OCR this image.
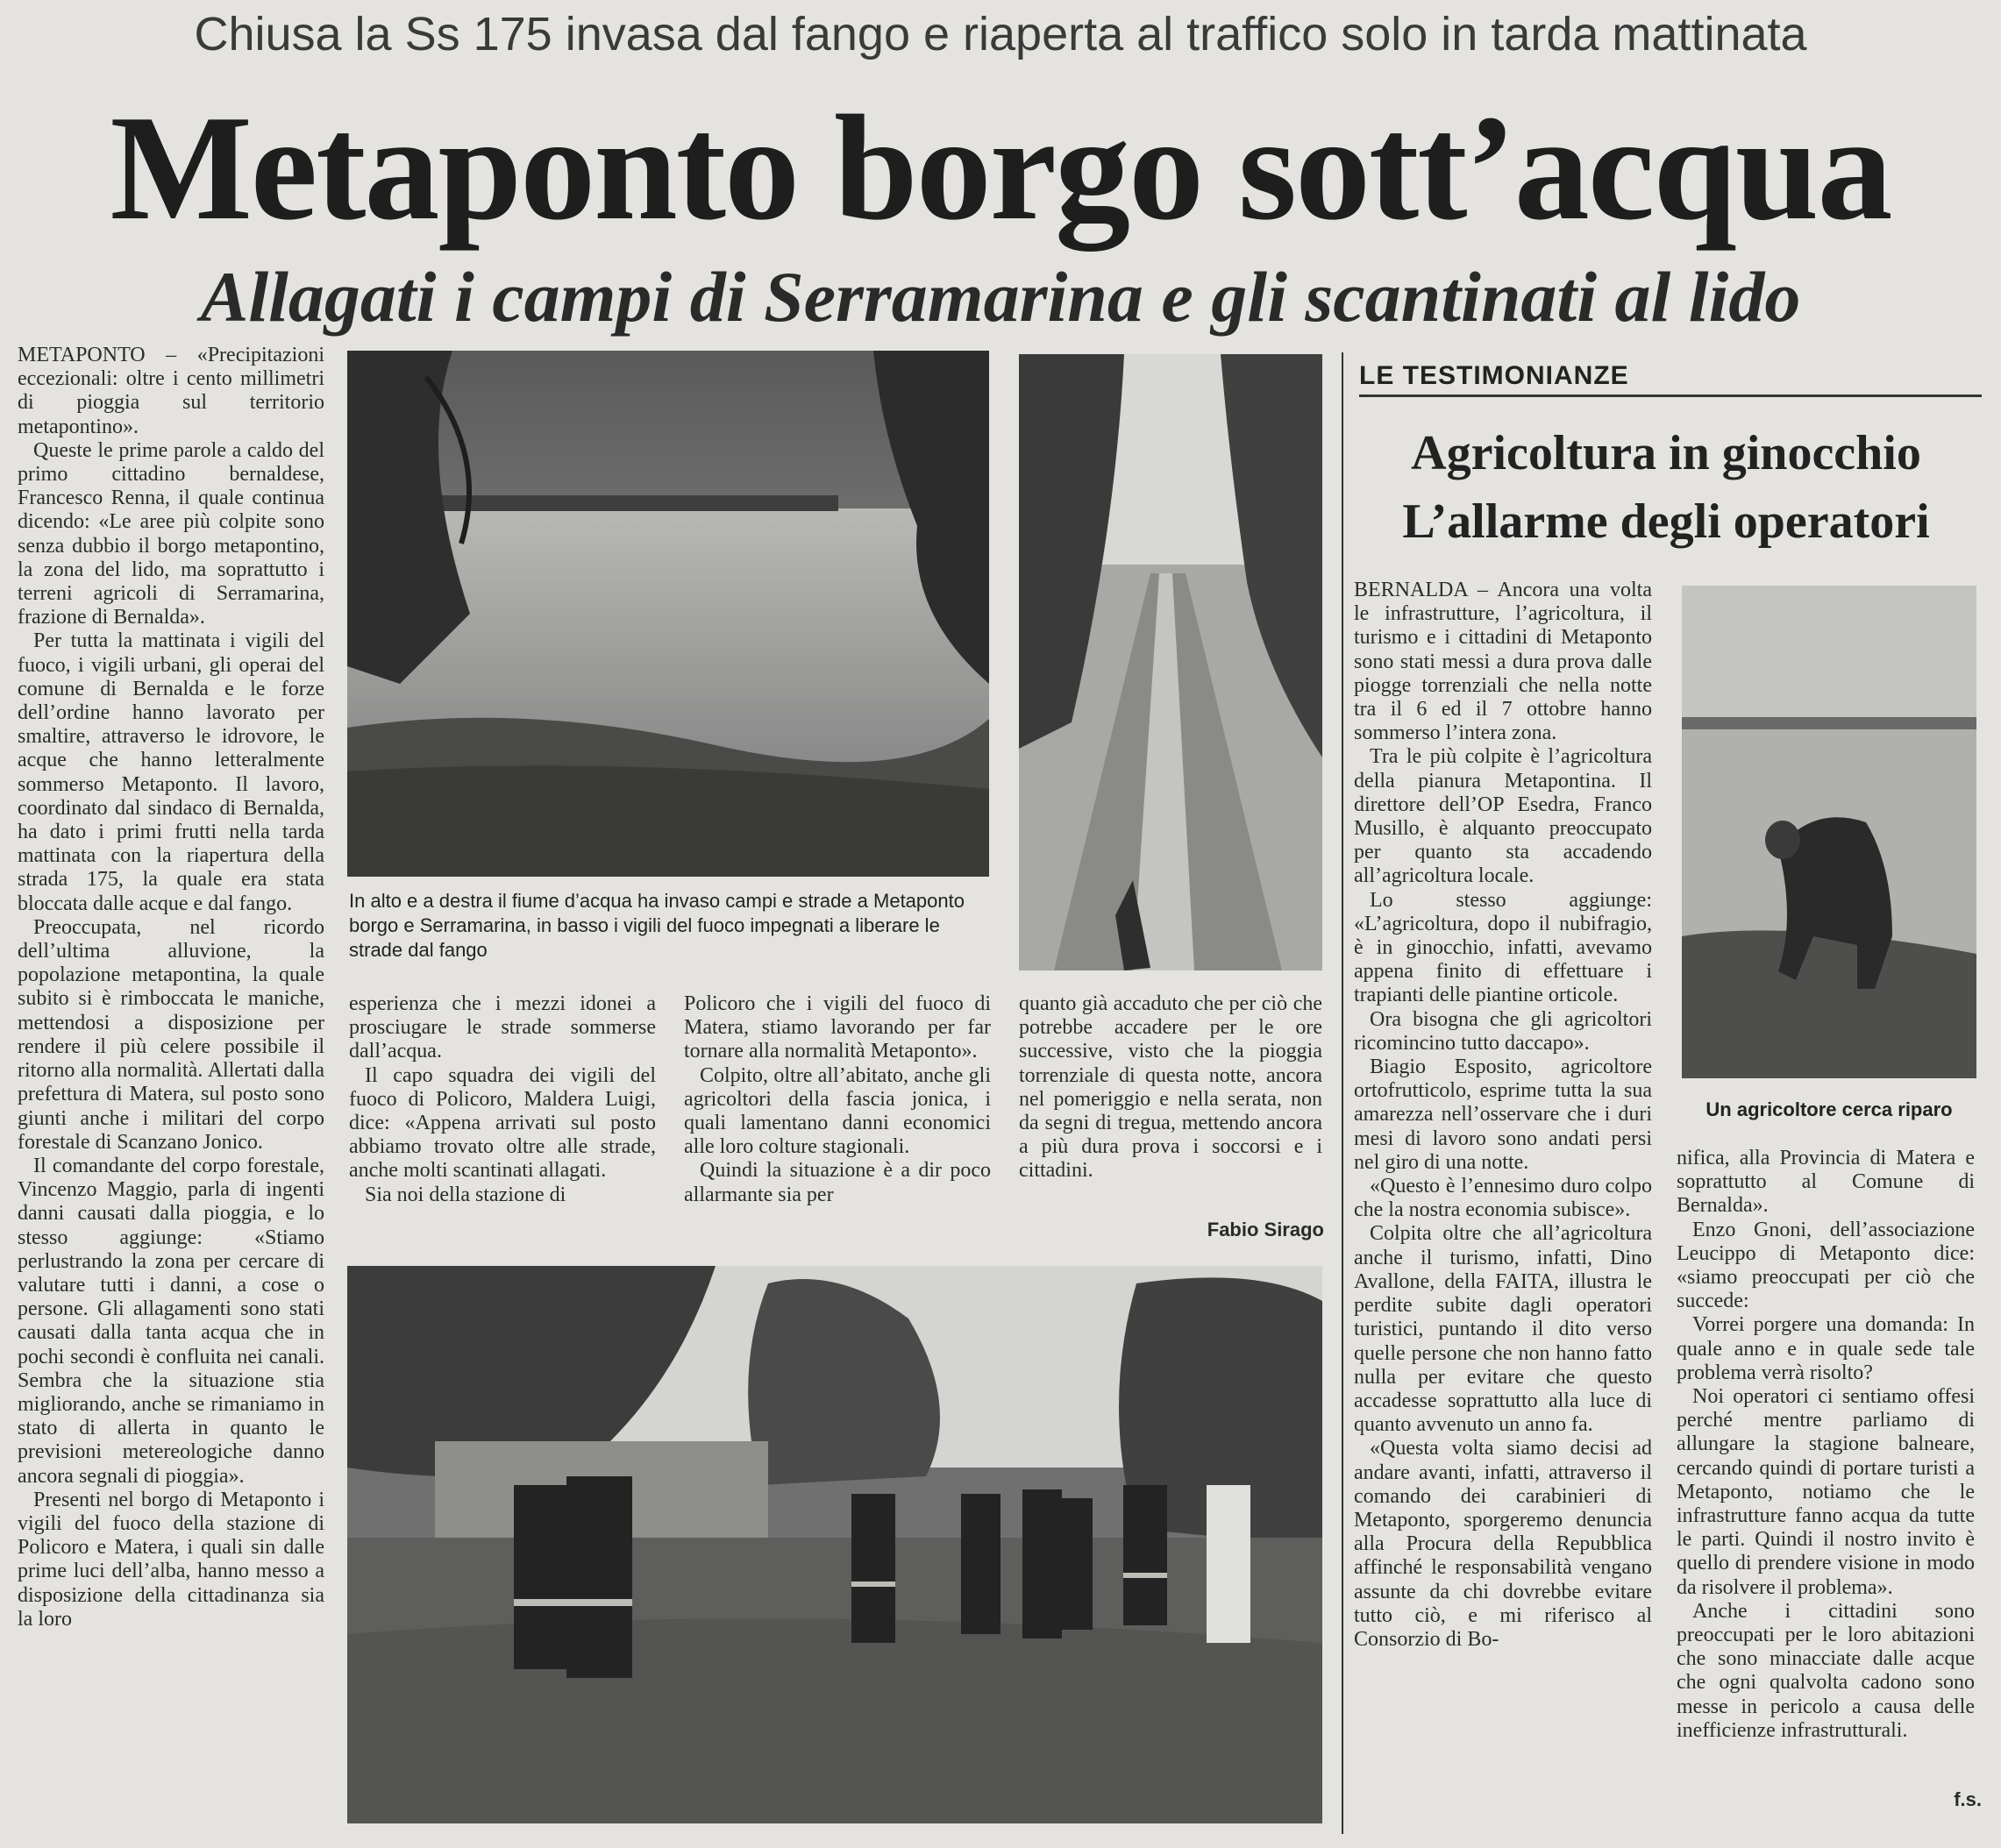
Chiusa la Ss 175 invasa dal fango e riaperta al traffico solo in tarda mattinata
Metaponto borgo sott’acqua
Allagati i campi di Serramarina e gli scantinati al lido

METAPONTO – «Precipitazioni eccezionali: oltre i cento millimetri di pioggia sul territorio metapontino».

Queste le prime parole a caldo del primo cittadino bernaldese, Francesco Renna, il quale continua dicendo: «Le aree più colpite sono senza dubbio il borgo metapontino, la zona del lido, ma soprattutto i terreni agricoli di Serramarina, frazione di Bernalda».

Per tutta la mattinata i vigili del fuoco, i vigili urbani, gli operai del comune di Bernalda e le forze dell’ordine hanno lavorato per smaltire, attraverso le idrovore, le acque che hanno letteralmente sommerso Metaponto. Il lavoro, coordinato dal sindaco di Bernalda, ha dato i primi frutti nella tarda mattinata con la riapertura della strada 175, la quale era stata bloccata dalle acque e dal fango.

Preoccupata, nel ricordo dell’ultima alluvione, la popolazione metapontina, la quale subito si è rimboccata le maniche, mettendosi a disposizione per rendere il più celere possibile il ritorno alla normalità. Allertati dalla prefettura di Matera, sul posto sono giunti anche i militari del corpo forestale di Scanzano Jonico.

Il comandante del corpo forestale, Vincenzo Maggio, parla di ingenti danni causati dalla pioggia, e lo stesso aggiunge: «Stiamo perlustrando la zona per cercare di valutare tutti i danni, a cose o persone. Gli allagamenti sono stati causati dalla tanta acqua che in pochi secondi è confluita nei canali. Sembra che la situazione stia migliorando, anche se rimaniamo in stato di allerta in quanto le previsioni metereologiche danno ancora segnali di pioggia».

Presenti nel borgo di Metaponto i vigili del fuoco della stazione di Policoro e Matera, i quali sin dalle prime luci dell’alba, hanno messo a disposizione della cittadinanza sia la loro

In alto e a destra il fiume d’acqua ha invaso campi e strade a Metaponto borgo e Serramarina, in basso i vigili del fuoco impegnati a liberare le strade dal fango

esperienza che i mezzi idonei a prosciugare le strade sommerse dall’acqua.

Il capo squadra dei vigili del fuoco di Policoro, Maldera Luigi, dice: «Appena arrivati sul posto abbiamo trovato oltre alle strade, anche molti scantinati allagati.

Sia noi della stazione di

Policoro che i vigili del fuoco di Matera, stiamo lavorando per far tornare alla normalità Metaponto».

Colpito, oltre all’abitato, anche gli agricoltori della fascia jonica, i quali lamentano danni economici alle loro colture stagionali.

Quindi la situazione è a dir poco allarmante sia per

quanto già accaduto che per ciò che potrebbe accadere per le ore successive, visto che la pioggia torrenziale di questa notte, ancora nel pomeriggio e nella serata, non da segni di tregua, mettendo ancora a più dura prova i soccorsi e i cittadini.

Fabio Sirago
LE TESTIMONIANZE
Agricoltura in ginocchio
L’allarme degli operatori

BERNALDA – Ancora una volta le infrastrutture, l’agricoltura, il turismo e i cittadini di Metaponto sono stati messi a dura prova dalle piogge torrenziali che nella notte tra il 6 ed il 7 ottobre hanno sommerso l’intera zona.

Tra le più colpite è l’agricoltura della pianura Metapontina. Il direttore dell’OP Esedra, Franco Musillo, è alquanto preoccupato per quanto sta accadendo all’agricoltura locale.

Lo stesso aggiunge: «L’agricoltura, dopo il nubifragio, è in ginocchio, infatti, avevamo appena finito di effettuare i trapianti delle piantine orticole.

Ora bisogna che gli agricoltori ricomincino tutto daccapo».

Biagio Esposito, agricoltore ortofrutticolo, esprime tutta la sua amarezza nell’osservare che i duri mesi di lavoro sono andati persi nel giro di una notte.

«Questo è l’ennesimo duro colpo che la nostra economia subisce».

Colpita oltre che all’agricoltura anche il turismo, infatti, Dino Avallone, della FAITA, illustra le perdite subite dagli operatori turistici, puntando il dito verso quelle persone che non hanno fatto nulla per evitare che questo accadesse soprattutto alla luce di quanto avvenuto un anno fa.

«Questa volta siamo decisi ad andare avanti, infatti, attraverso il comando dei carabinieri di Metaponto, sporgeremo denuncia alla Procura della Repubblica affinché le responsabilità vengano assunte da chi dovrebbe evitare tutto ciò, e mi riferisco al Consorzio di Bo-

Un agricoltore cerca riparo

nifica, alla Provincia di Matera e soprattutto al Comune di Bernalda».

Enzo Gnoni, dell’associazione Leucippo di Metaponto dice: «siamo preoccupati per ciò che succede:

Vorrei porgere una domanda: In quale anno e in quale sede tale problema verrà risolto?

Noi operatori ci sentiamo offesi perché mentre parliamo di allungare la stagione balneare, cercando quindi di portare turisti a Metaponto, notiamo che le infrastrutture fanno acqua da tutte le parti. Quindi il nostro invito è quello di prendere visione in modo da risolvere il problema».

Anche i cittadini sono preoccupati per le loro abitazioni che sono minacciate dalle acque che ogni qualvolta cadono sono messe in pericolo a causa delle inefficienze infrastrutturali.

f.s.
